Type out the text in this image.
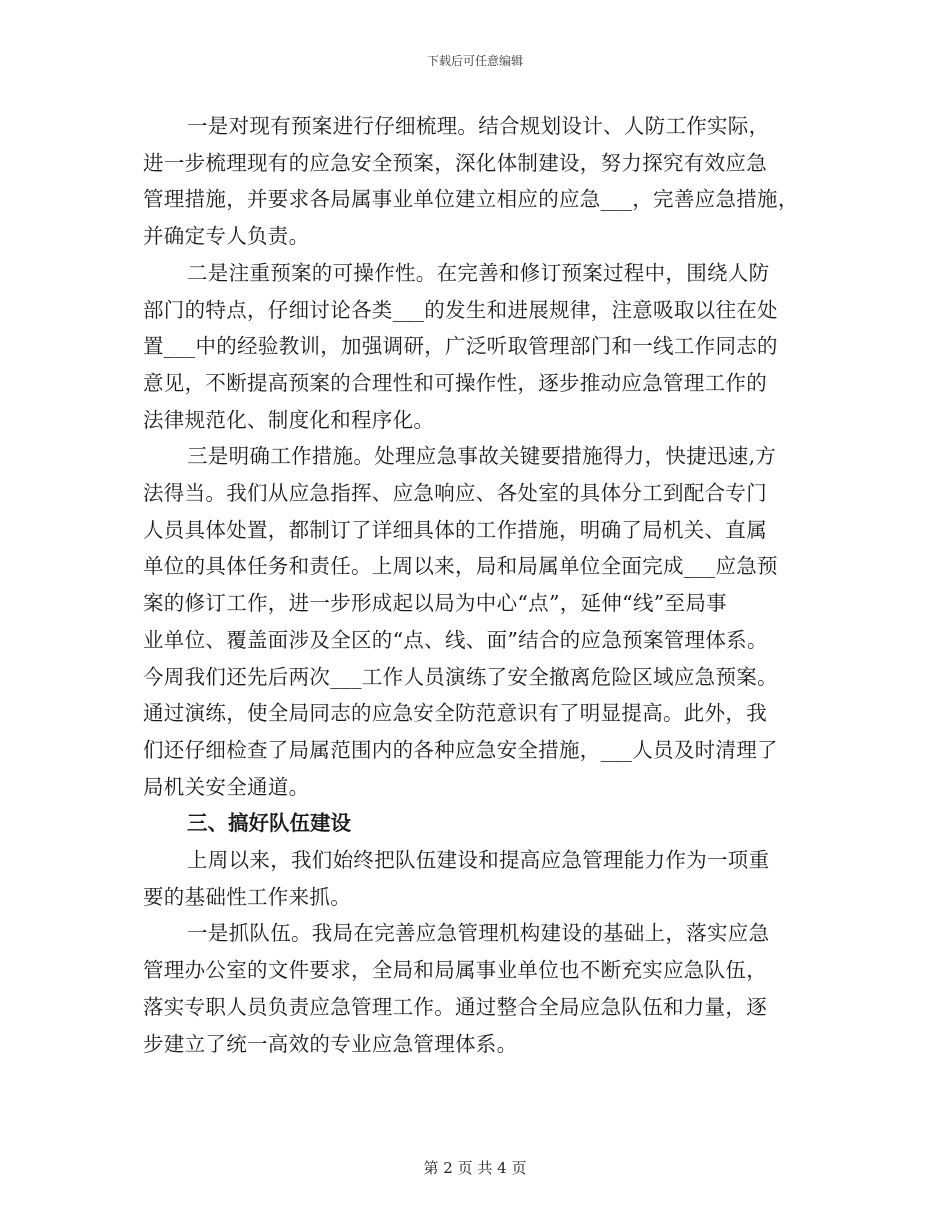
下载后可任意编辑
一是对现有预案进行仔细梳理。结合规划设计、人防工作实际，
进一步梳理现有的应急安全预案，深化体制建设，努力探究有效应急
管理措施，并要求各局属事业单位建立相应的应急___，完善应急措施，
并确定专人负责。
二是注重预案的可操作性。在完善和修订预案过程中，围绕人防
部门的特点，仔细讨论各类___的发生和进展规律，注意吸取以往在处
置___中的经验教训，加强调研，广泛听取管理部门和一线工作同志的
意见，不断提高预案的合理性和可操作性，逐步推动应急管理工作的
法律规范化、制度化和程序化。
三是明确工作措施。处理应急事故关键要措施得力，快捷迅速,方
法得当。我们从应急指挥、应急响应、各处室的具体分工到配合专门
人员具体处置，都制订了详细具体的工作措施，明确了局机关、直属
单位的具体任务和责任。上周以来，局和局属单位全面完成___应急预
案的修订工作，进一步形成起以局为中心“点”，延伸“线”至局事
业单位、覆盖面涉及全区的“点、线、面”结合的应急预案管理体系。
今周我们还先后两次___工作人员演练了安全撤离危险区域应急预案。
通过演练，使全局同志的应急安全防范意识有了明显提高。此外，我
们还仔细检查了局属范围内的各种应急安全措施，___人员及时清理了
局机关安全通道。
三、搞好队伍建设
上周以来，我们始终把队伍建设和提高应急管理能力作为一项重
要的基础性工作来抓。
一是抓队伍。我局在完善应急管理机构建设的基础上，落实应急
管理办公室的文件要求，全局和局属事业单位也不断充实应急队伍，
落实专职人员负责应急管理工作。通过整合全局应急队伍和力量，逐
步建立了统一高效的专业应急管理体系。
第 2 页 共 4 页
